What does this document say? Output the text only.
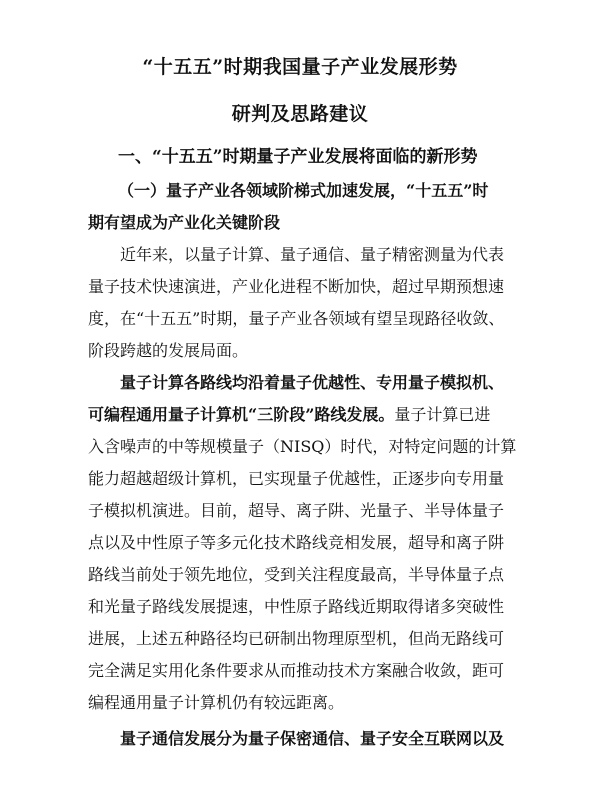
“十五五”时期我国量子产业发展形势
研判及思路建议
一、“十五五”时期量子产业发展将面临的新形势
（一）量子产业各领域阶梯式加速发展，“十五五”时
期有望成为产业化关键阶段
近年来，以量子计算、量子通信、量子精密测量为代表
量子技术快速演进，产业化进程不断加快，超过早期预想速
度，在“十五五”时期，量子产业各领域有望呈现路径收敛、
阶段跨越的发展局面。
量子计算各路线均沿着量子优越性、专用量子模拟机、
可编程通用量子计算机“三阶段”路线发展。量子计算已进
入含噪声的中等规模量子（NISQ）时代，对特定问题的计算
能力超越超级计算机，已实现量子优越性，正逐步向专用量
子模拟机演进。目前，超导、离子阱、光量子、半导体量子
点以及中性原子等多元化技术路线竞相发展，超导和离子阱
路线当前处于领先地位，受到关注程度最高，半导体量子点
和光量子路线发展提速，中性原子路线近期取得诸多突破性
进展，上述五种路径均已研制出物理原型机，但尚无路线可
完全满足实用化条件要求从而推动技术方案融合收敛，距可
编程通用量子计算机仍有较远距离。
量子通信发展分为量子保密通信、量子安全互联网以及
